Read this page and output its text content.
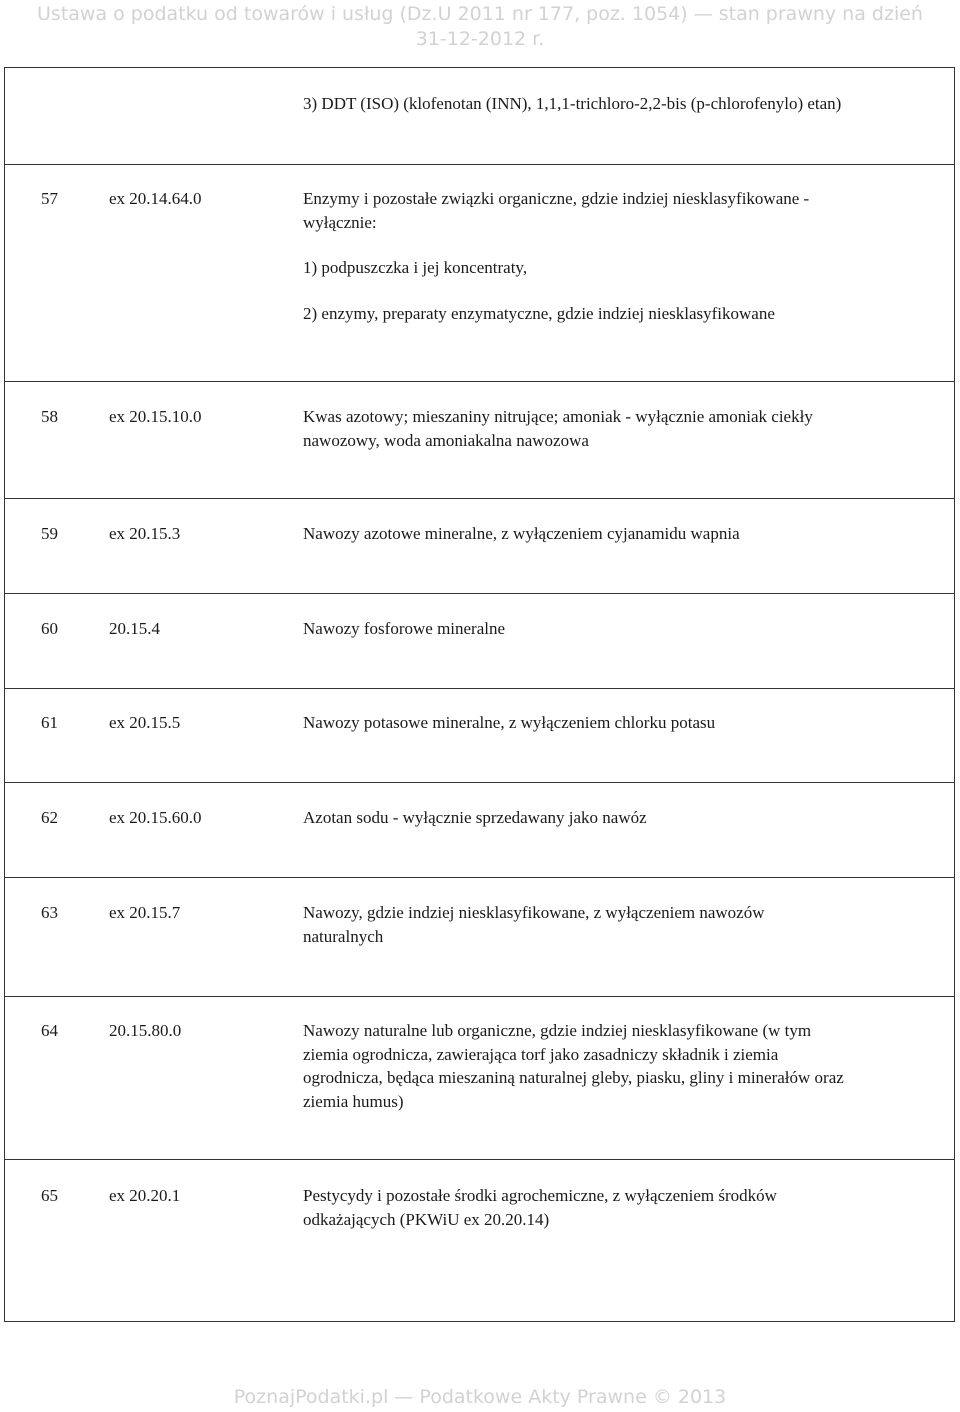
Ustawa o podatku od towarów i usług (Dz.U 2011 nr 177, poz. 1054) — stan prawny na dzień
31-12-2012 r.
3) DDT (ISO) (klofenotan (INN), 1,1,1-trichloro-2,2-bis (p-chlorofenylo) etan)
57	ex 20.14.64.0	Enzymy i pozostałe związki organiczne, gdzie indziej niesklasyfikowane -
wyłącznie:
1) podpuszczka i jej koncentraty,
2) enzymy, preparaty enzymatyczne, gdzie indziej niesklasyfikowane
58	ex 20.15.10.0	Kwas azotowy; mieszaniny nitrujące; amoniak - wyłącznie amoniak ciekły
nawozowy, woda amoniakalna nawozowa
59	ex 20.15.3	Nawozy azotowe mineralne, z wyłączeniem cyjanamidu wapnia
60	20.15.4	Nawozy fosforowe mineralne
61	ex 20.15.5	Nawozy potasowe mineralne, z wyłączeniem chlorku potasu
62	ex 20.15.60.0	Azotan sodu - wyłącznie sprzedawany jako nawóz
63	ex 20.15.7	Nawozy, gdzie indziej niesklasyfikowane, z wyłączeniem nawozów
naturalnych
64	20.15.80.0	Nawozy naturalne lub organiczne, gdzie indziej niesklasyfikowane (w tym
ziemia ogrodnicza, zawierająca torf jako zasadniczy składnik i ziemia
ogrodnicza, będąca mieszaniną naturalnej gleby, piasku, gliny i minerałów oraz
ziemia humus)
65	ex 20.20.1	Pestycydy i pozostałe środki agrochemiczne, z wyłączeniem środków
odkażających (PKWiU ex 20.20.14)
PoznajPodatki.pl — Podatkowe Akty Prawne © 2013
